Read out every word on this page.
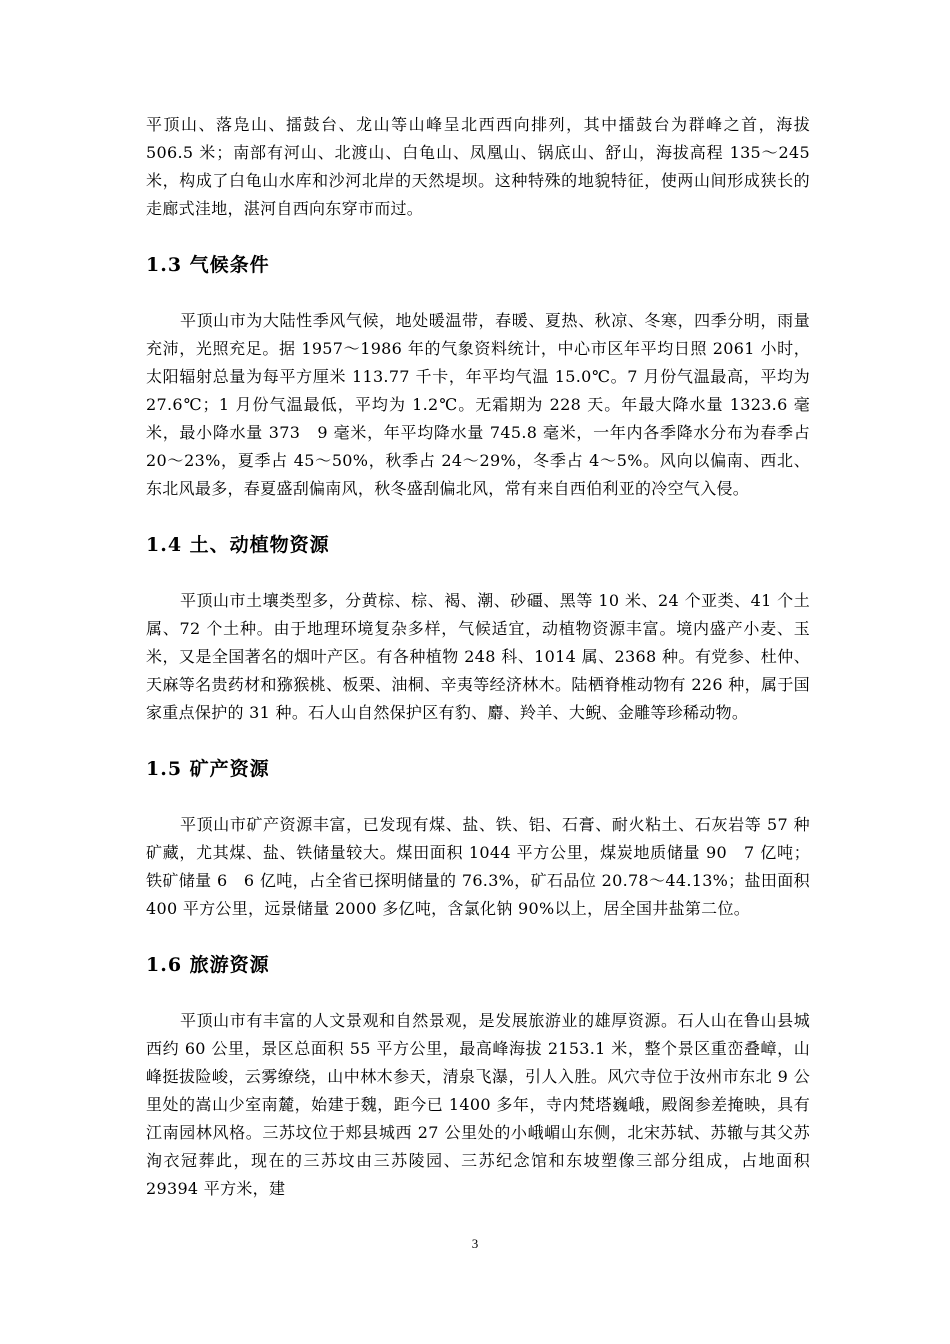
平顶山、落凫山、擂鼓台、龙山等山峰呈北西西向排列，其中擂鼓台为群峰之首，海拔 506.5 米；南部有河山、北渡山、白龟山、凤凰山、锅底山、舒山，海拔高程 135～245 米，构成了白龟山水库和沙河北岸的天然堤坝。这种特殊的地貌特征，使两山间形成狭长的走廊式洼地，湛河自西向东穿市而过。

1.3 气候条件

平顶山市为大陆性季风气候，地处暖温带，春暖、夏热、秋凉、冬寒，四季分明，雨量充沛，光照充足。据 1957～1986 年的气象资料统计，中心市区年平均日照 2061 小时，太阳辐射总量为每平方厘米 113.77 千卡，年平均气温 15.0℃。7 月份气温最高，平均为 27.6℃；1 月份气温最低，平均为 1.2℃。无霜期为 228 天。年最大降水量 1323.6 毫米，最小降水量 373　9 毫米，年平均降水量 745.8 毫米，一年内各季降水分布为春季占 20～23%，夏季占 45～50%，秋季占 24～29%，冬季占 4～5%。风向以偏南、西北、东北风最多，春夏盛刮偏南风，秋冬盛刮偏北风，常有来自西伯利亚的冷空气入侵。

1.4 土、动植物资源

平顶山市土壤类型多，分黄棕、棕、褐、潮、砂礓、黑等 10 米、24 个亚类、41 个土属、72 个土种。由于地理环境复杂多样，气候适宜，动植物资源丰富。境内盛产小麦、玉米，又是全国著名的烟叶产区。有各种植物 248 科、1014 属、2368 种。有党参、杜仲、天麻等名贵药材和猕猴桃、板栗、油桐、辛夷等经济林木。陆栖脊椎动物有 226 种，属于国家重点保护的 31 种。石人山自然保护区有豹、麝、羚羊、大鲵、金雕等珍稀动物。

1.5 矿产资源

平顶山市矿产资源丰富，已发现有煤、盐、铁、铝、石膏、耐火粘土、石灰岩等 57 种矿藏，尤其煤、盐、铁储量较大。煤田面积 1044 平方公里，煤炭地质储量 90　7 亿吨；铁矿储量 6　6 亿吨，占全省已探明储量的 76.3%，矿石品位 20.78～44.13%；盐田面积 400 平方公里，远景储量 2000 多亿吨，含氯化钠 90%以上，居全国井盐第二位。

1.6 旅游资源

平顶山市有丰富的人文景观和自然景观，是发展旅游业的雄厚资源。石人山在鲁山县城西约 60 公里，景区总面积 55 平方公里，最高峰海拔 2153.1 米，整个景区重峦叠嶂，山峰挺拔险峻，云雾缭绕，山中林木参天，清泉飞瀑，引人入胜。风穴寺位于汝州市东北 9 公里处的嵩山少室南麓，始建于魏，距今已 1400 多年，寺内梵塔巍峨，殿阁参差掩映，具有江南园林风格。三苏坟位于郏县城西 27 公里处的小峨嵋山东侧，北宋苏轼、苏辙与其父苏洵衣冠葬此，现在的三苏坟由三苏陵园、三苏纪念馆和东坡塑像三部分组成，占地面积 29394 平方米，建

3
